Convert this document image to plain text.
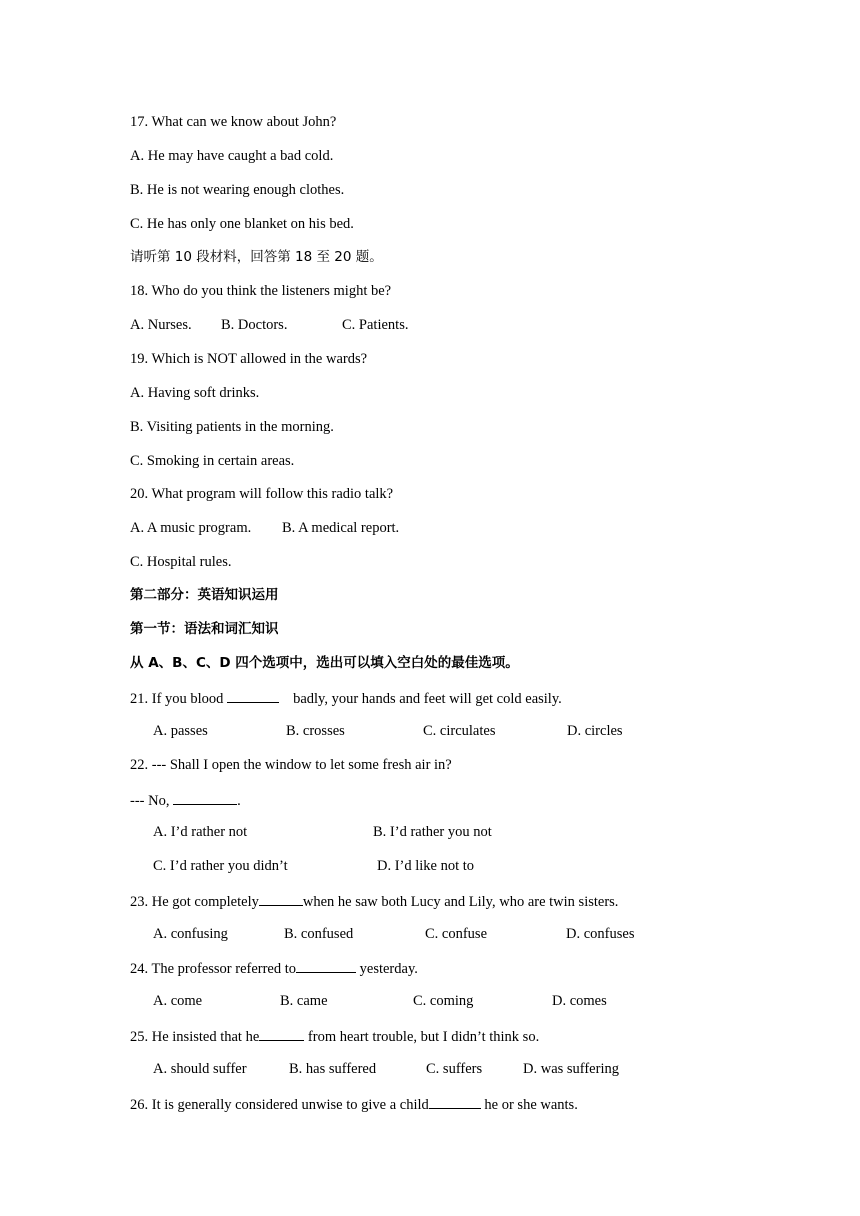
17. What can we know about John?
A. He may have caught a bad cold.
B. He is not wearing enough clothes.
C. He has only one blanket on his bed.
请听第 10 段材料，回答第 18 至 20 题。
18. Who do you think the listeners might be?
A. Nurses. B. Doctors.	C. Patients.
19. Which is NOT allowed in the wards?
A. Having soft drinks.
B. Visiting patients in the morning.
C. Smoking in certain areas.
20. What program will follow this radio talk?
A. A music program. B. A medical report.
C. Hospital rules.
第二部分：英语知识运用
第一节：语法和词汇知识
从 A、B、C、D 四个选项中，选出可以填入空白处的最佳选项。
21. If you blood	badly, your hands and feet will get cold easily.
A. passes	B. crosses	C. circulates	D. circles
22. --- Shall I open the window to let some fresh air in?
--- No,	.
A. I’d rather not	B. I’d rather you not
C. I’d rather you didn’t	D. I’d like not to
23. He got completely	when he saw both Lucy and Lily, who are twin sisters.
A. confusing	B. confused	C. confuse	D. confuses
24. The professor referred to	yesterday.
A. come	B. came	C. coming	D. comes
25. He insisted that he	from heart trouble, but I didn’t think so.
A. should suffer	B. has suffered	C. suffers	D. was suffering
26. It is generally considered unwise to give a child	he or she wants.
